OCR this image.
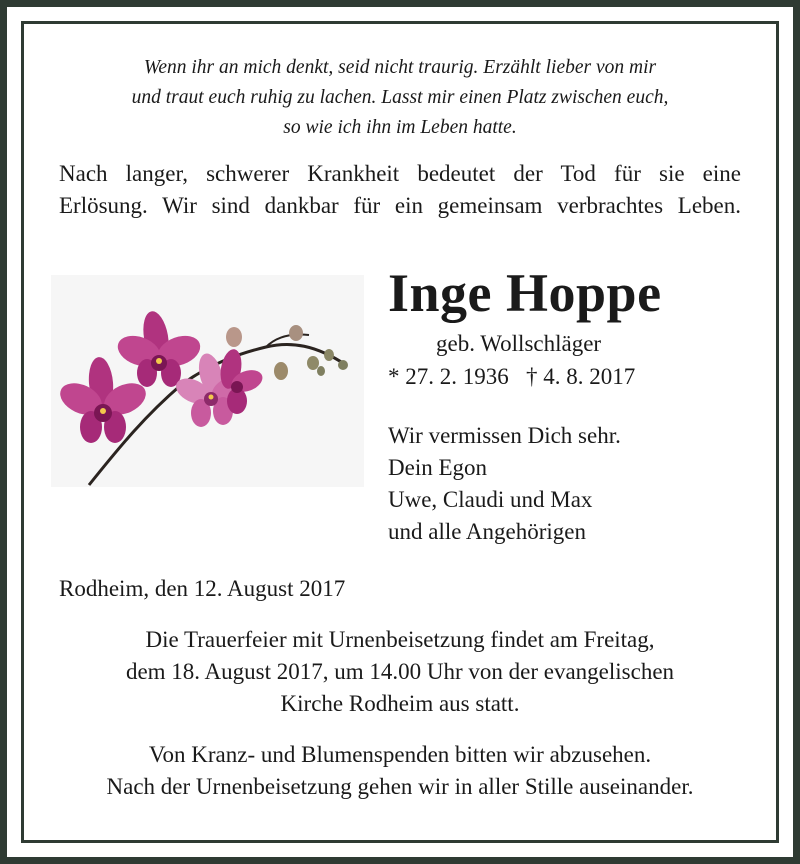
Wenn ihr an mich denkt, seid nicht traurig. Erzählt lieber von mir
und traut euch ruhig zu lachen. Lasst mir einen Platz zwischen euch,
so wie ich ihn im Leben hatte.
Nach langer, schwerer Krankheit bedeutet der Tod für sie eine
Erlösung. Wir sind dankbar für ein gemeinsam verbrachtes Leben.
Inge Hoppe
geb. Wollschläger
* 27. 2. 1936   † 4. 8. 2017
Wir vermissen Dich sehr.
Dein Egon
Uwe, Claudi und Max
und alle Angehörigen
Rodheim, den 12. August 2017
Die Trauerfeier mit Urnenbeisetzung findet am Freitag,
dem 18. August 2017, um 14.00 Uhr von der evangelischen
Kirche Rodheim aus statt.
Von Kranz- und Blumenspenden bitten wir abzusehen.
Nach der Urnenbeisetzung gehen wir in aller Stille auseinander.
